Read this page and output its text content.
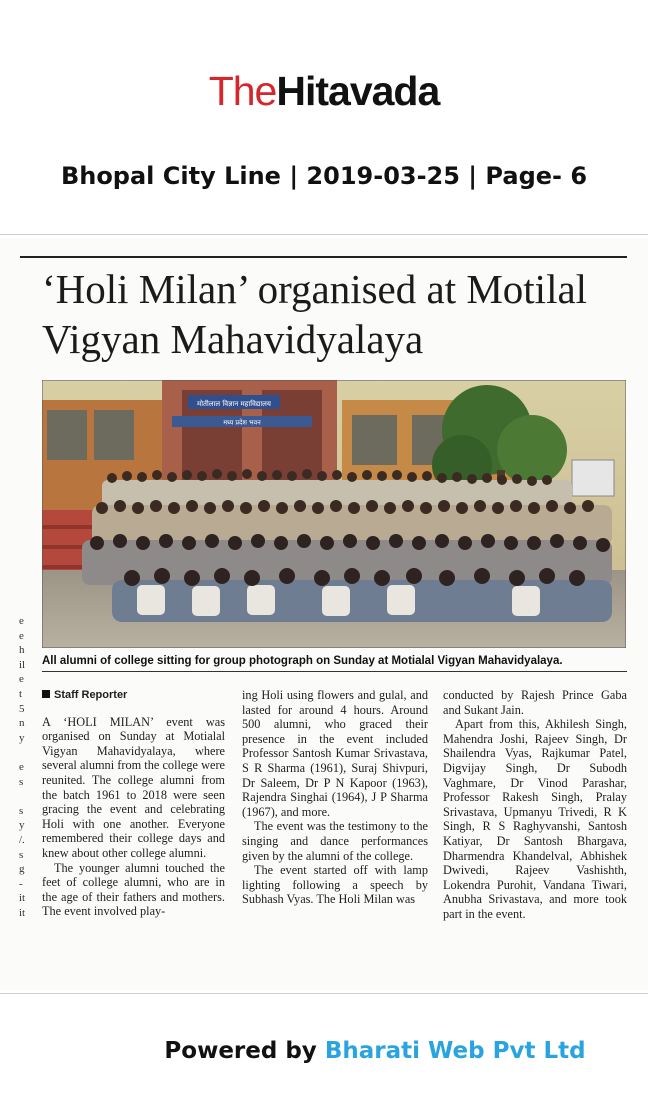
TheHitavada
Bhopal City Line | 2019-03-25 | Page- 6
‘Holi Milan’ organised at Motilal Vigyan Mahavidyalaya
मोतीलाल विज्ञान महाविद्यालय
मध्य प्रदेश भवन
All alumni of college sitting for group photograph on Sunday at Motialal Vigyan Mahavidyalaya.
e
e
h
il
e
t
5
n
y

e
s

s
y
/.
s
g
-
it
it
Staff Reporter

A ‘HOLI MILAN’ event was organised on Sunday at Motialal Vigyan Mahavidyalaya, where several alumni from the college were reunited. The college alumni from the batch 1961 to 2018 were seen gracing the event and celebrating Holi with one another. Everyone remembered their college days and knew about other college alumni.

The younger alumni touched the feet of college alumni, who are in the age of their fathers and mothers. The event involved play-

ing Holi using flowers and gulal, and lasted for around 4 hours. Around 500 alumni, who graced their presence in the event included Professor Santosh Kumar Srivastava, S R Sharma (1961), Suraj Shivpuri, Dr Saleem, Dr P N Kapoor (1963), Rajendra Singhai (1964), J P Sharma (1967), and more.

The event was the testimony to the singing and dance performances given by the alumni of the college.

The event started off with lamp lighting following a speech by Subhash Vyas. The Holi Milan was

conducted by Rajesh Prince Gaba and Sukant Jain.

Apart from this, Akhilesh Singh, Mahendra Joshi, Rajeev Singh, Dr Shailendra Vyas, Rajkumar Patel, Digvijay Singh, Dr Subodh Vaghmare, Dr Vinod Parashar, Professor Rakesh Singh, Pralay Srivastava, Upmanyu Trivedi, R K Singh, R S Raghyvanshi, Santosh Katiyar, Dr Santosh Bhargava, Dharmendra Khandelval, Abhishek Dwivedi, Rajeev Vashishth, Lokendra Purohit, Vandana Tiwari, Anubha Srivastava, and more took part in the event.

Powered by Bharati Web Pvt Ltd
